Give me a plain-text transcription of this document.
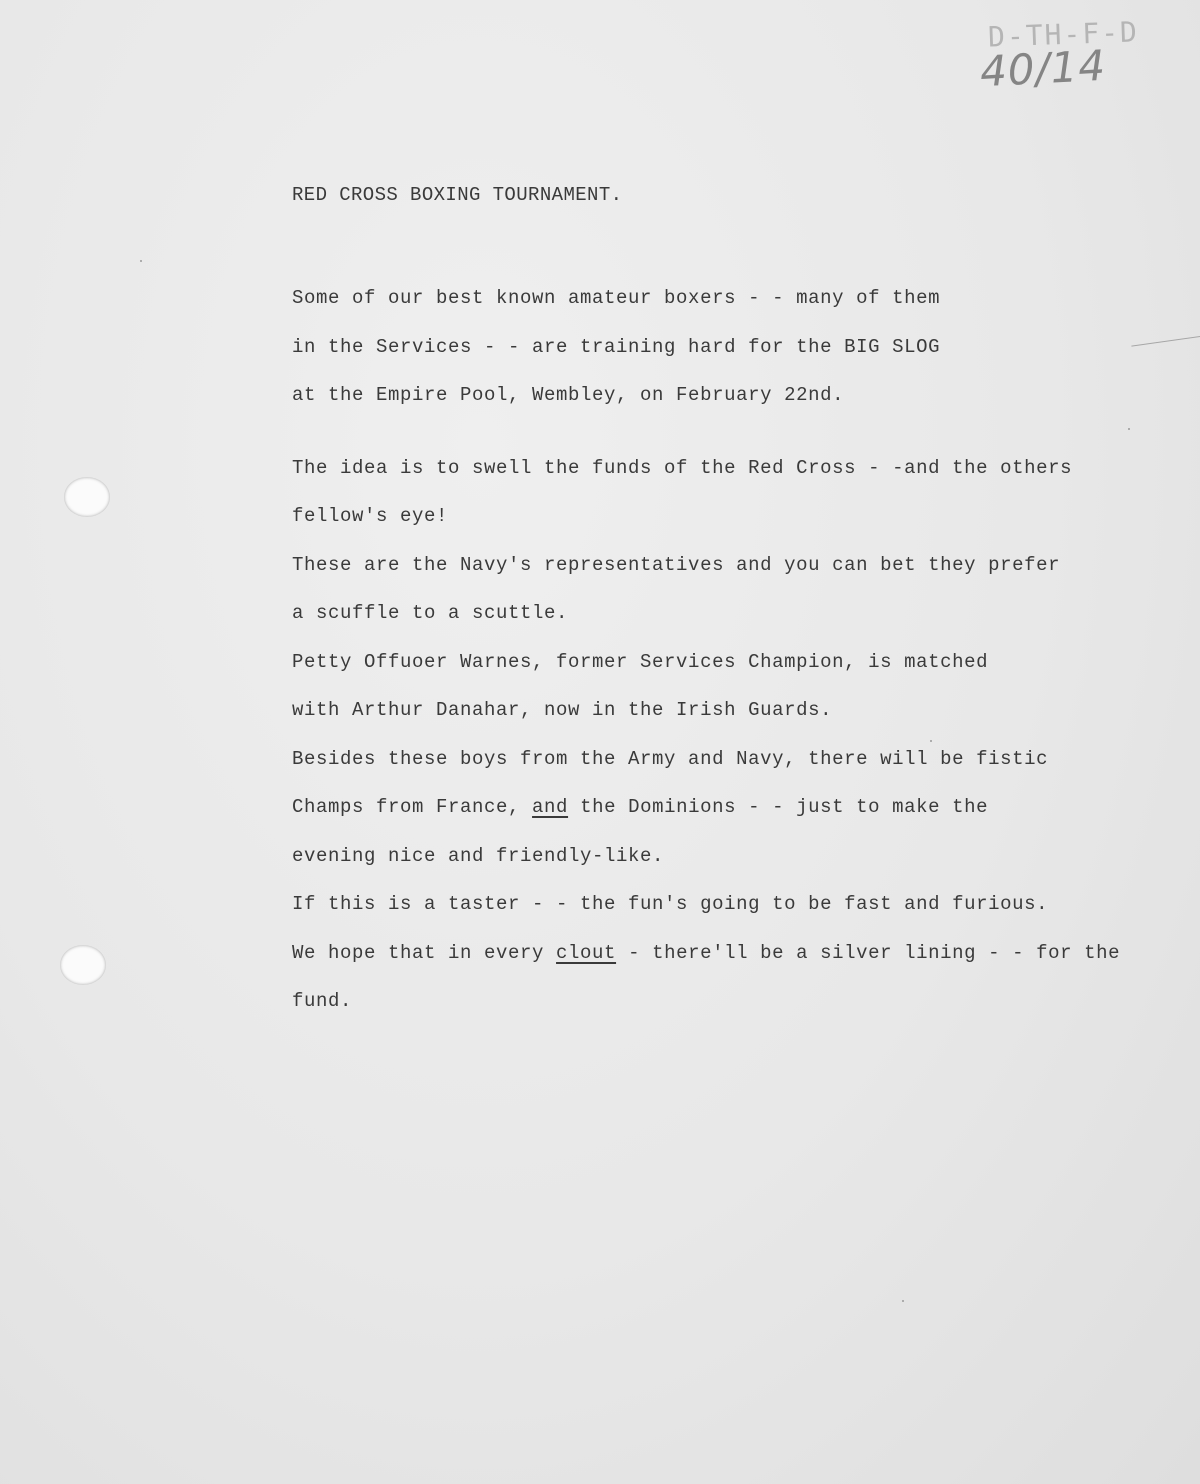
D-TH-F-D
40/14
RED CROSS BOXING TOURNAMENT.
Some of our best known amateur boxers - - many of them
in the Services - - are training hard for the BIG SLOG
at the Empire Pool, Wembley, on February 22nd.
The idea is to swell the funds of the Red Cross - -and the others
fellow's eye!
These are the Navy's representatives and you can bet they prefer
a scuffle to a scuttle.
Petty Offuoer Warnes, former Services Champion, is matched
with Arthur Danahar, now in the Irish Guards.
Besides these boys from the Army and Navy, there will be fistic
Champs from France, and the Dominions - - just to make the
evening nice and friendly-like.
If this is a taster - - the fun's going to be fast and furious.
We hope that in every clout - there'll be a silver lining - - for the
fund.
